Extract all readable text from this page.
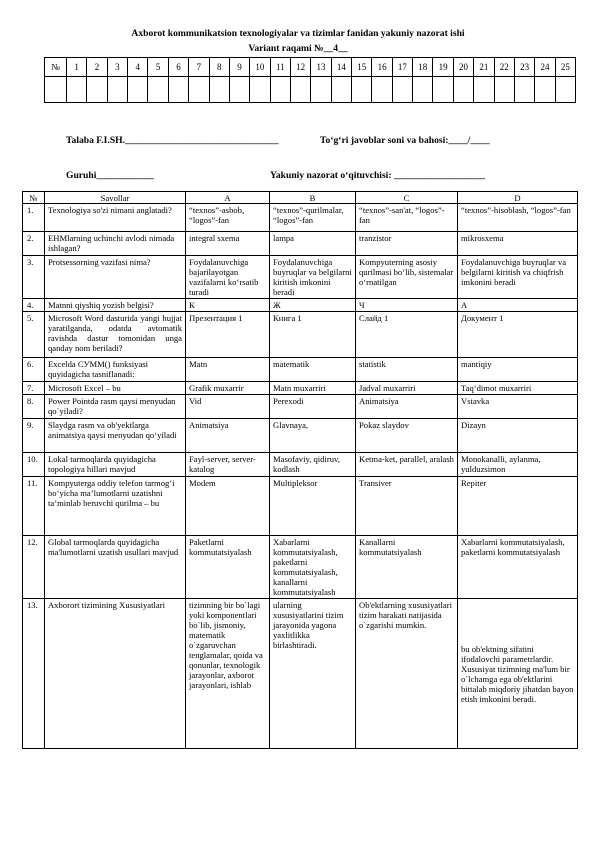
Axborot kommunikatsion texnologiyalar va tizimlar fanidan yakuniy nazorat ishi
Variant raqami №__4__
№	1	2	3	4	5	6	7	8	9	10	11	12	13	14	15	16	17	18	19	20	21	22	23	24	25

Talaba F.I.SH.________________________________	To‘g‘ri javoblar soni va bahosi:____/____
Guruhi____________	Yakuniy nazorat o‘qituvchisi: ___________________
№	Savollar	A	B	C	D
1.	Texnologiya so'zi nimani anglatadi?	“texnos”-asbob, “logos”-fan	“texnos”-qurilmalar, “logos”-fan	“texnos”-san'at, “logos”-fan	“texnos”-hisoblash, “logos”-fan
2.	EHMlarning uchinchi avlodi nimada ishlagan?	integral sxema	lampa	tranzistor	mikrosxema
3.	Protsessorning vazifasi nima?	Foydalanuvchiga bajarilayotgan vazifalarni ko‘rsatib turadi	Foydalanuvchiga buyruqlar va belgilarni kiritish imkonini beradi	Kompyuterning asosiy qurilmasi bo‘lib, sistemalar o‘rnatilgan	Foydalanuvchiga buyruqlar va belgilarni kiritish va chiqfrish imkonini beradi
4.	Matnni qiyshiq yozish belgisi?	К	Ж	Ч	А
5.	Microsoft Word dasturida yangi hujjat yaratilganda, odatda avtomatik ravishda dastur tomonidan unga qanday nom beriladi?	Презентация 1	Книга 1	Слайд 1	Документ 1
6.	Excelda СУММ() funksiyasi quyidagicha tasniflanadi:	Matn	matematik	statistik	mantiqiy
7.	Microsoft Excel – bu	Grafik muxarrir	Matn muxarriri	Jadval muxarriri	Taq‘dimot muxarriri
8.	Power Pointda rasm qaysi menyudan qo`yiladi?	Vid	Perexodi	Animatsiya	Vstavka
9.	Slaydga rasm va ob'yektlarga animatsiya qaysi menyudan qo‘yiladi	Animatsiya	Glavnaya,	Pokaz slaydov	Dizayn
10.	Lokal tarmoqlarda quyidagicha topologiya hillari mavjud	Fayl-server, server-katalog	Masofaviy, qidiruv, kodlash	Ketma-ket, parallel, aralash	Monokanalli, aylanma, yulduzsimon
11.	Kompyuterga oddiy telefon tarmog‘i bo‘yicha ma’lumotlarni uzatishni ta’minlab beruvchi qurilma – bu	Modem	Multipleksor	Transiver	Repiter
12.	Global tarmoqlarda quyidagicha ma'lumotlarni uzatish usullari mavjud	Paketlarni kommutatsiyalash	Xabarlarni kommutatsiyalash, paketlarni kommutatsiyalash, kanallarni kommutatsiyalash	Kanallarni kommutatsiyalash	Xabarlarni kommutatsiyalash, paketlarni kommutatsiyalash
13.	Axborort tizimining Xususiyatlari	tizimning bir bo`lagi yoki komponentlari bo`lib, jismoniy, matematik o`zgaruvchan tenglamalar, qoida va qonunlar, texnologik jarayonlar, axborot jarayonlari, ishlab	ularning xususiyatlarini tizim jarayonida yagona yaxlitlikka birlashtiradi.	Ob'ektlarning xususiyatlari tizim harakati natijasida o`zgarishi mumkin.	bu ob'ektning sifatini ifodalovchi parametrlardir. Xususiyat tizimning ma'lum bir o`lchamga ega ob'ektlarini bittalab miqdoriy jihatdan bayon etish imkonini beradi.
